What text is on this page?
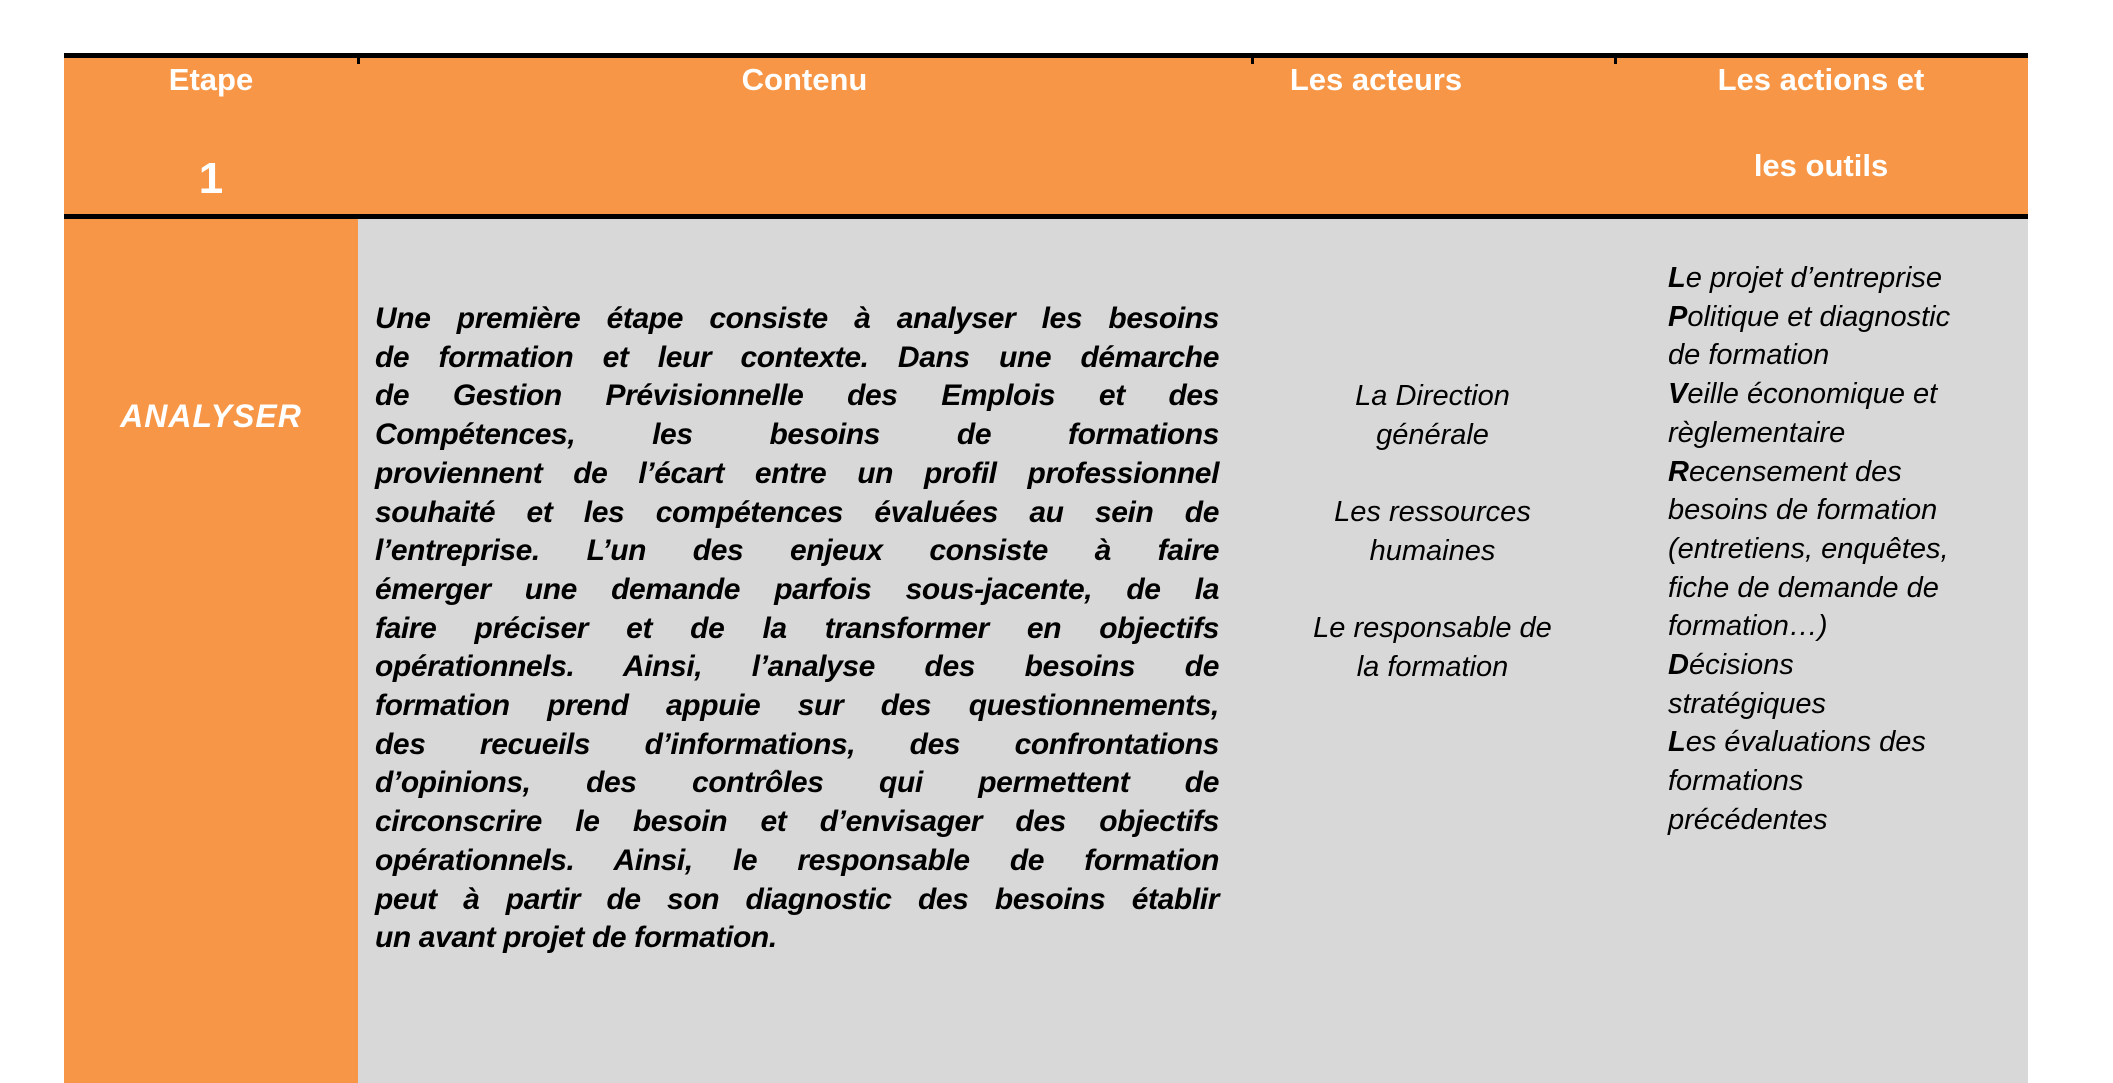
Etape
1
Contenu	Les acteurs	Les actions et
les outils
ANALYSER
Une première étape consiste à analyser les besoins
de formation et leur contexte. Dans une démarche
de Gestion Prévisionnelle des Emplois et des
Compétences, les besoins de formations
proviennent de l’écart entre un profil professionnel
souhaité et les compétences évaluées au sein de
l’entreprise. L’un des enjeux consiste à faire
émerger une demande parfois sous-jacente, de la
faire préciser et de la transformer en objectifs
opérationnels. Ainsi, l’analyse des besoins de
formation prend appuie sur des questionnements,
des recueils d’informations, des confrontations
d’opinions, des contrôles qui permettent de
circonscrire le besoin et d’envisager des objectifs
opérationnels. Ainsi, le responsable de formation
peut à partir de son diagnostic des besoins établir
un avant projet de formation.
La Direction
générale
Les ressources
humaines
Le responsable de
la formation
Le projet d’entreprise
Politique et diagnostic
de formation
Veille économique et
règlementaire
Recensement des
besoins de formation
(entretiens, enquêtes,
fiche de demande de
formation…)
Décisions
stratégiques
Les évaluations des
formations
précédentes
